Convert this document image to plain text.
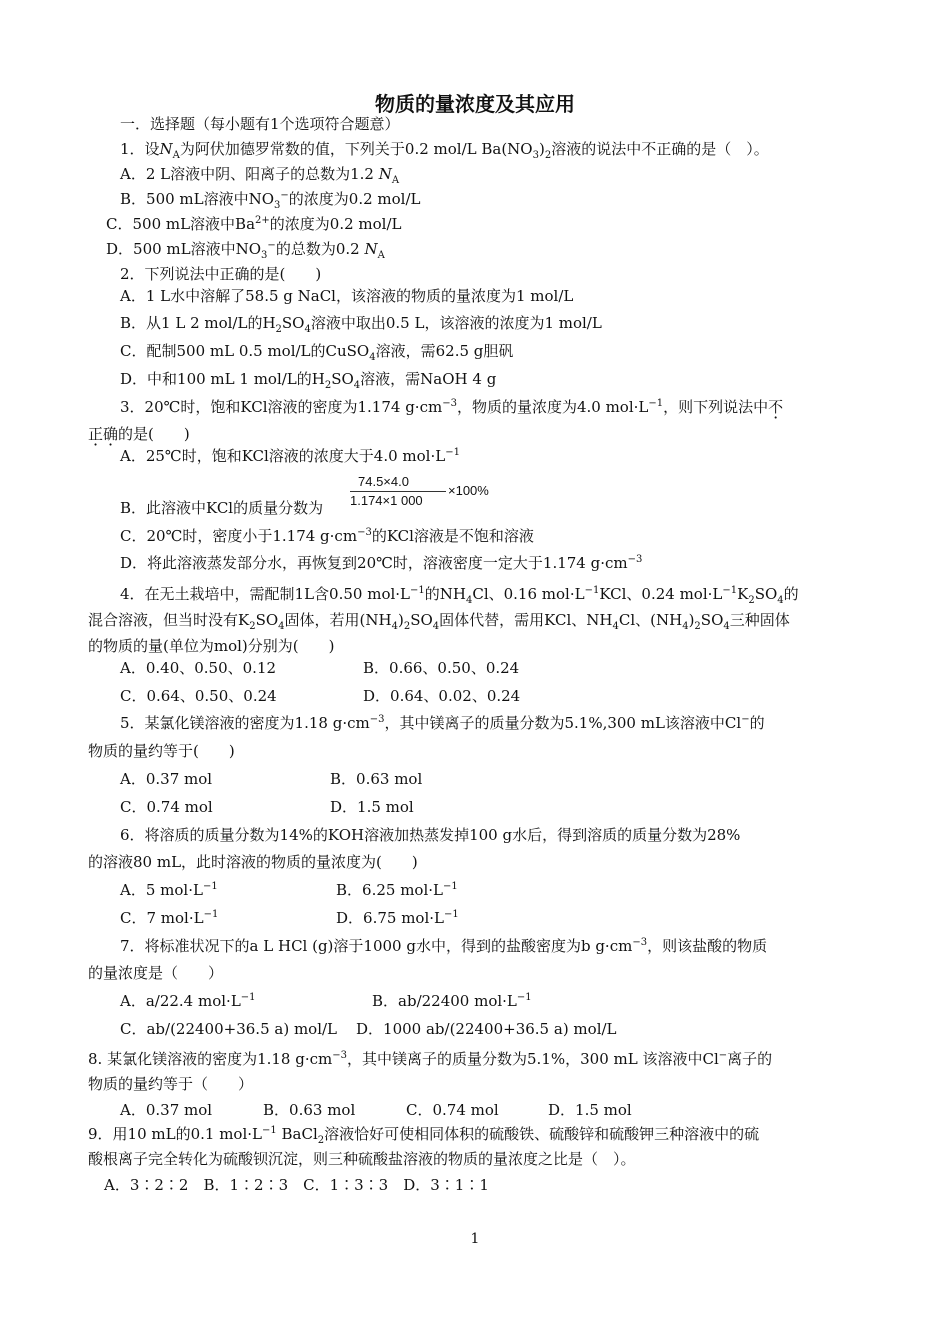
物质的量浓度及其应用
一．选择题（每小题有1个选项符合题意）
1．设$N_A$为阿伏加德罗常数的值，下列关于0.2 mol/L $Ba(NO_3)_2$溶液的说法中不正确的是（　）。
A．2 L溶液中阴、阳离子的总数为1.2 $N_A$
B．500 mL溶液中$NO_3^-$的浓度为0.2 mol/L
C．500 mL溶液中$Ba^{2+}$的浓度为0.2 mol/L
D．500 mL溶液中$NO_3^-$的总数为0.2 $N_A$
2．下列说法中正确的是(　　)
A．1 L水中溶解了58.5 g NaCl，该溶液的物质的量浓度为1 mol/L
B．从1 L 2 mol/L的$H_2SO_4$溶液中取出0.5 L，该溶液的浓度为1 mol/L
C．配制500 mL 0.5 mol/L的CuSO$_4$溶液，需62.5 g胆矾
D．中和100 mL 1 mol/L的$H_2SO_4$溶液，需NaOH 4 g
3．20℃时，饱和KCl溶液的密度为1.174 $g\cdot cm^{-3}$，物质的量浓度为4.0 $mol\cdot L^{-1}$，则下列说法中不
正确的是(　　)
A．25℃时，饱和KCl溶液的浓度大于4.0 $mol\cdot L^{-1}$
B．此溶液中KCl的质量分数为
74.5×4.0
1.174×1 000
×100%
C．20℃时，密度小于1.174 $g\cdot cm^{-3}$的KCl溶液是不饱和溶液
D．将此溶液蒸发部分水，再恢复到20℃时，溶液密度一定大于1.174 $g\cdot cm^{-3}$
4．在无土栽培中，需配制1L含0.50 $mol\cdot L^{-1}$的$NH_4Cl$、0.16 $mol\cdot L^{-1}KCl$、0.24 $mol\cdot L^{-1}K_2SO_4$的
混合溶液，但当时没有$K_2SO_4$固体，若用$(NH_4)_2SO_4$固体代替，需用KCl、$NH_4Cl$、$(NH_4)_2SO_4$三种固体
的物质的量(单位为mol)分别为(　　)
A．0.40、0.50、0.12	B．0.66、0.50、0.24
C．0.64、0.50、0.24	D．0.64、0.02、0.24
5．某氯化镁溶液的密度为1.18 $g\cdot cm^{-3}$，其中镁离子的质量分数为5.1%,300 mL该溶液中Cl−的
物质的量约等于(　　)
A．0.37 mol	B．0.63 mol
C．0.74 mol	D．1.5 mol
6．将溶质的质量分数为14%的KOH溶液加热蒸发掉100 g水后，得到溶质的质量分数为28%
的溶液80 mL，此时溶液的物质的量浓度为(　　)
A．5 $mol\cdot L^{-1}$	B．6.25 $mol\cdot L^{-1}$
C．7 $mol\cdot L^{-1}$	D．6.75 $mol\cdot L^{-1}$
7．将标准状况下的a L HCl (g)溶于1000 g水中，得到的盐酸密度为b $g\cdot cm^{-3}$，则该盐酸的物质
的量浓度是（　　）
A．a/22.4 $mol\cdot L^{-1}$	B．ab/22400 $mol\cdot L^{-1}$
C．ab/(22400+36.5 a) mol/L D．1000 ab/(22400+36.5 a) mol/L
8. 某氯化镁溶液的密度为1.18 $g\cdot cm^{-3}$，其中镁离子的质量分数为5.1%，300 mL 该溶液中Cl−离子的
物质的量约等于（　　）
A．0.37 mol	B．0.63 mol	C．0.74 mol	D．1.5 mol
9．用10 mL的0.1 $mol\cdot L^{-1}$ BaCl$_2$溶液恰好可使相同体积的硫酸铁、硫酸锌和硫酸钾三种溶液中的硫
酸根离子完全转化为硫酸钡沉淀，则三种硫酸盐溶液的物质的量浓度之比是（　）。
A．3∶2∶2　B．1∶2∶3　C．1∶3∶3　D．3∶1∶1
1
